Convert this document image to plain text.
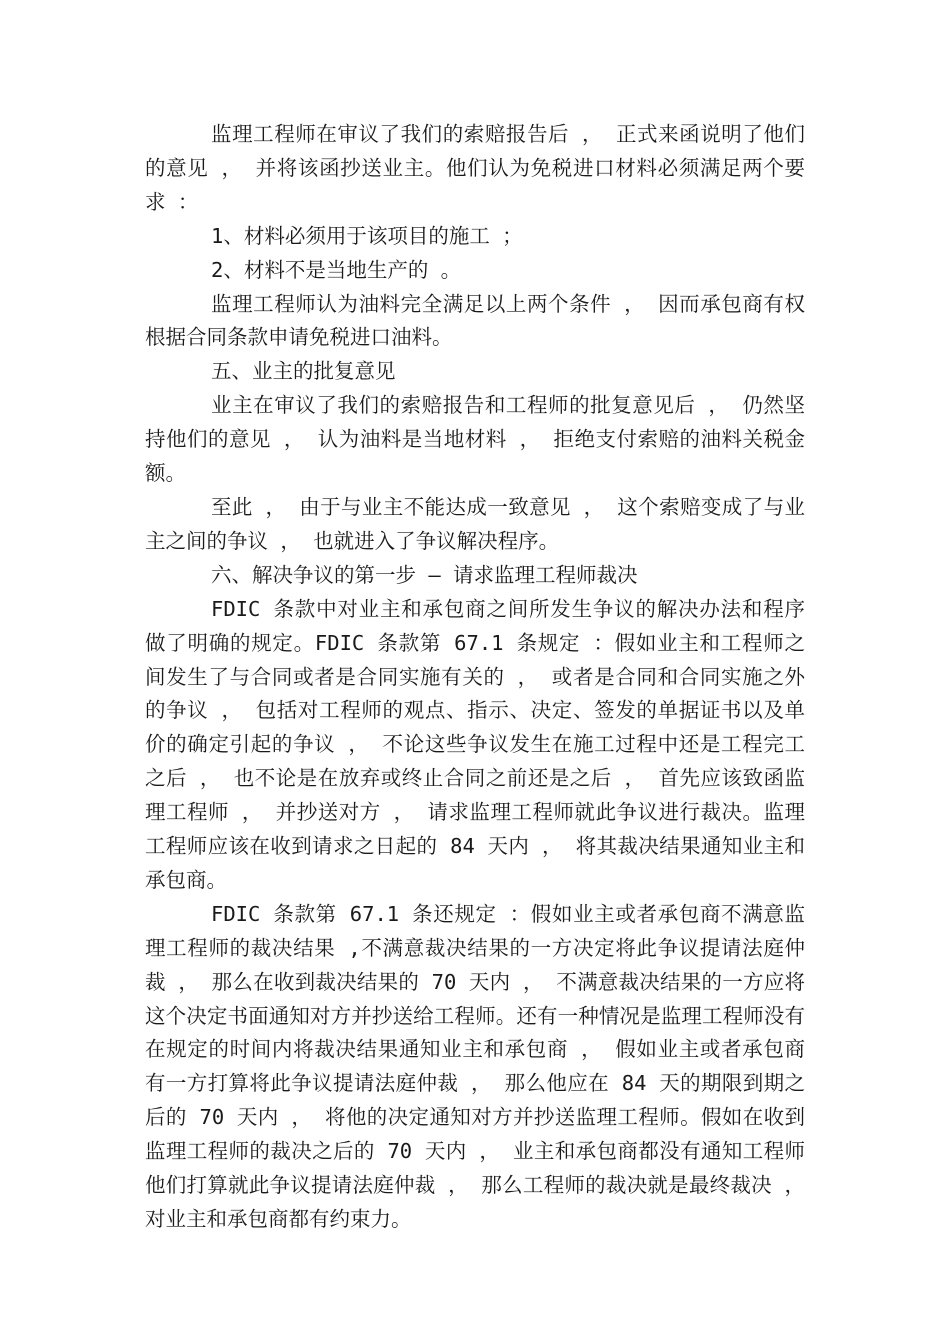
监理工程师在审议了我们的索赔报告后 ， 正式来函说明了他们的意见 ， 并将该函抄送业主。他们认为免税进口材料必须满足两个要求 ：

1、材料必须用于该项目的施工 ；

2、材料不是当地生产的 。

监理工程师认为油料完全满足以上两个条件 ， 因而承包商有权根据合同条款申请免税进口油料。

五、业主的批复意见

业主在审议了我们的索赔报告和工程师的批复意见后 ， 仍然坚持他们的意见 ， 认为油料是当地材料 ， 拒绝支付索赔的油料关税金额。

至此 ， 由于与业主不能达成一致意见 ， 这个索赔变成了与业主之间的争议 ， 也就进入了争议解决程序。

六、解决争议的第一步 – 请求监理工程师裁决

FDIC 条款中对业主和承包商之间所发生争议的解决办法和程序做了明确的规定。FDIC 条款第 67.1 条规定 ：假如业主和工程师之间发生了与合同或者是合同实施有关的 ， 或者是合同和合同实施之外的争议 ， 包括对工程师的观点、指示、决定、签发的单据证书以及单价的确定引起的争议 ， 不论这些争议发生在施工过程中还是工程完工之后 ， 也不论是在放弃或终止合同之前还是之后 ， 首先应该致函监理工程师 ， 并抄送对方 ， 请求监理工程师就此争议进行裁决。监理工程师应该在收到请求之日起的 84 天内 ， 将其裁决结果通知业主和承包商。

FDIC 条款第 67.1 条还规定 ：假如业主或者承包商不满意监理工程师的裁决结果 ,不满意裁决结果的一方决定将此争议提请法庭仲裁 ， 那么在收到裁决结果的 70 天内 ， 不满意裁决结果的一方应将这个决定书面通知对方并抄送给工程师。还有一种情况是监理工程师没有在规定的时间内将裁决结果通知业主和承包商 ， 假如业主或者承包商有一方打算将此争议提请法庭仲裁 ， 那么他应在 84 天的期限到期之后的 70 天内 ， 将他的决定通知对方并抄送监理工程师。假如在收到监理工程师的裁决之后的 70 天内 ， 业主和承包商都没有通知工程师他们打算就此争议提请法庭仲裁 ， 那么工程师的裁决就是最终裁决 ， 对业主和承包商都有约束力。
